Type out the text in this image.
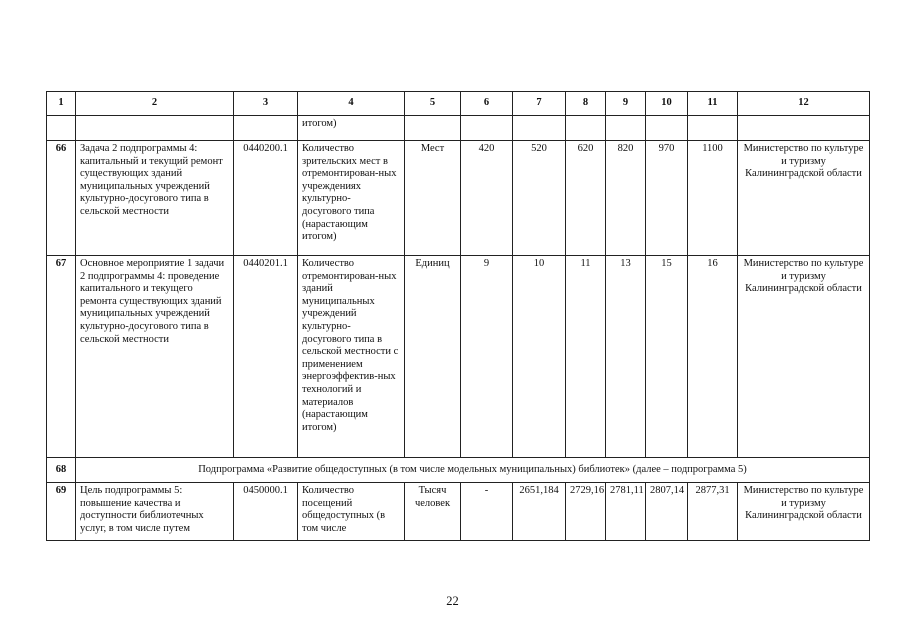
1	2	3	4	5	6	7	8	9	10	11	12
			итогом)								
66	Задача 2 подпрограммы 4: капитальный и текущий ремонт существующих зданий муниципальных учреждений культурно-досугового типа в сельской местности	0440200.1	Количество зрительских мест в отремонтирован-ных учреждениях культурно-досугового типа (нарастающим итогом)	Мест	420	520	620	820	970	1100	Министерство по культуре и туризму Калининградской области
67	Основное мероприятие 1 задачи 2 подпрограммы 4: проведение капитального и текущего ремонта существующих зданий муниципальных учреждений культурно-досугового типа в сельской местности	0440201.1	Количество отремонтирован-ных зданий муниципальных учреждений культурно-досугового типа в сельской местности с применением энергоэффектив-ных технологий и материалов (нарастающим итогом)	Единиц	9	10	11	13	15	16	Министерство по культуре и туризму Калининградской области
68	Подпрограмма «Развитие общедоступных (в том числе модельных муниципальных) библиотек» (далее – подпрограмма 5)										
69	Цель подпрограммы 5: повышение качества и доступности библиотечных услуг, в том числе путем	0450000.1	Количество посещений общедоступных (в том числе	Тысяч человек	-	2651,184	2729,16	2781,11	2807,14	2877,31	Министерство по культуре и туризму Калининградской области
22
